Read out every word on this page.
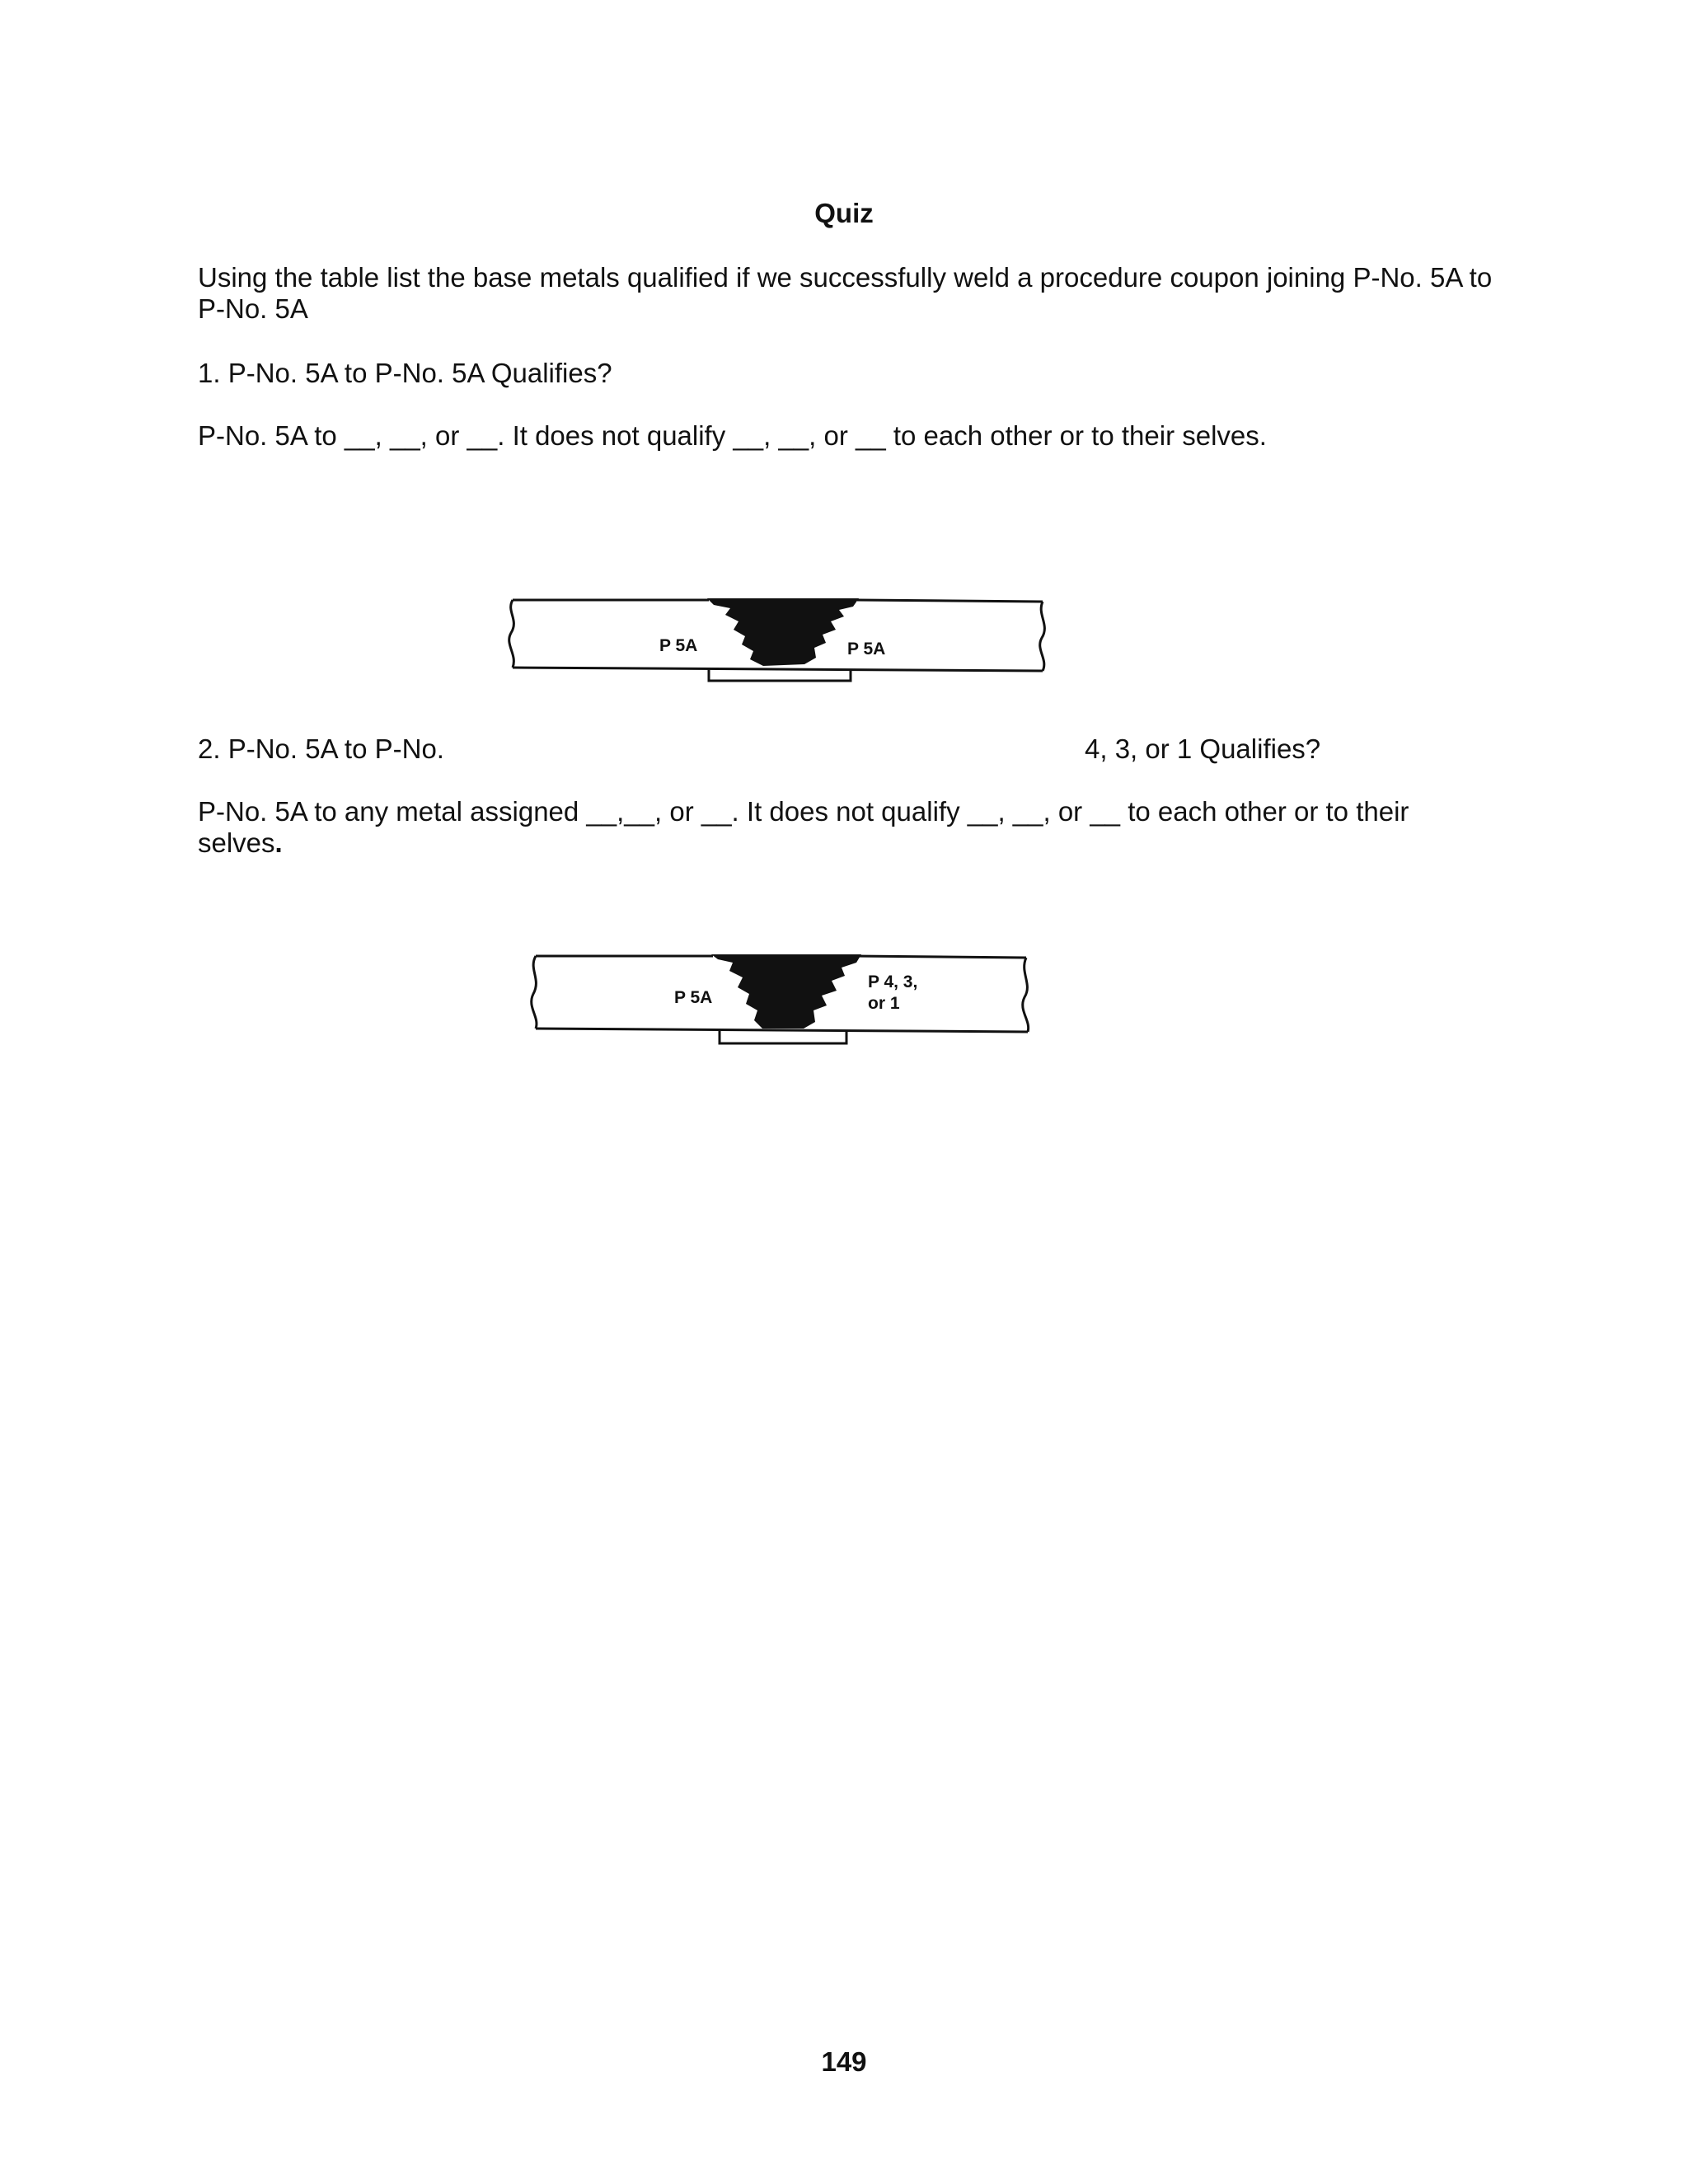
Quiz
Using the table list the base metals qualified if we successfully weld a procedure coupon joining P-No. 5A to P-No. 5A
1. P-No. 5A to P-No. 5A Qualifies?
P-No. 5A to __, __, or __. It does not qualify __, __, or __ to each other or to their selves.
P 5A	P 5A
2. P-No. 5A to P-No.	4, 3, or 1 Qualifies?
P-No. 5A to any metal assigned __,__, or __. It does not qualify __, __, or __ to each other or to their selves.
P 5A
P 4, 3,
or 1
149
